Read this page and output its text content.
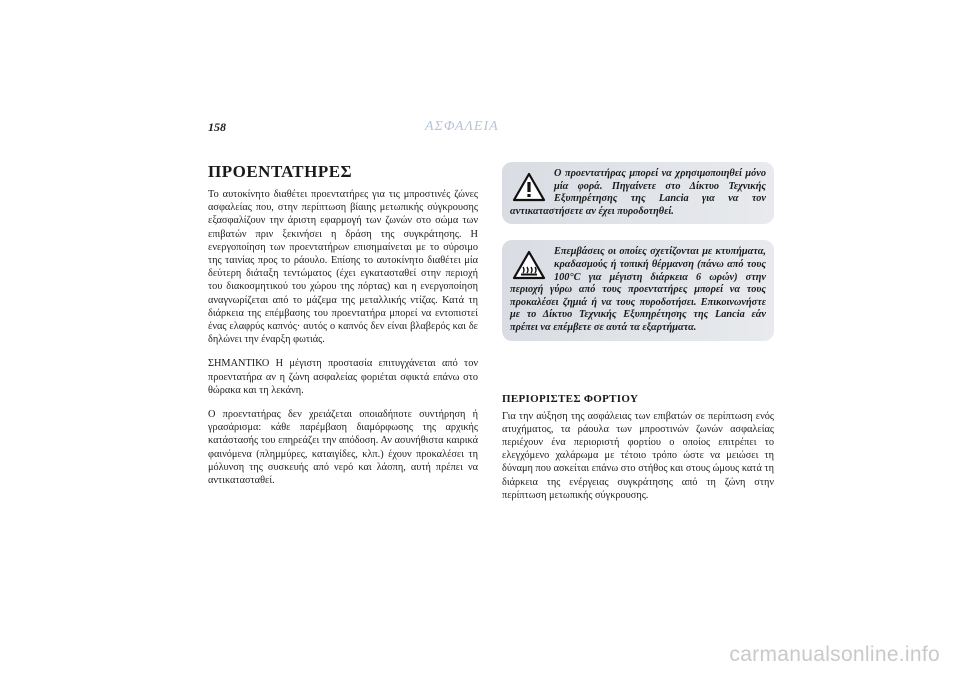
158	ΑΣΦΑΛΕΙΑ
ΠΡΟΕΝΤΑΤΗΡΕΣ

Το αυτοκίνητο διαθέτει προεντατήρες για τις μπροστινές ζώνες ασφαλείας που, στην περίπτωση βίαιης μετωπικής σύγκρουσης εξασφαλίζουν την άριστη εφαρμογή των ζωνών στο σώμα των επιβατών πριν ξεκινήσει η δράση της συγκράτησης. Η ενεργοποίηση των προεντατήρων επισημαίνεται με το σύρσιμο της ταινίας προς το ράουλο. Επίσης το αυτοκίνητο διαθέτει μία δεύτερη διάταξη τεντώματος (έχει εγκατασταθεί στην περιοχή του διακοσμητικού του χώρου της πόρτας) και η ενεργοποίηση αναγνωρίζεται από το μάζεμα της μεταλλικής ντίζας. Κατά τη διάρκεια της επέμβασης του προεντατήρα μπορεί να εντοπιστεί ένας ελαφρύς καπνός· αυτός ο καπνός δεν είναι βλαβερός και δε δηλώνει την έναρξη φωτιάς.

ΣΗΜΑΝΤΙΚΟ Η μέγιστη προστασία επιτυγχάνεται από τον προεντατήρα αν η ζώνη ασφαλείας φοριέται σφικτά επάνω στο θώρακα και τη λεκάνη.

Ο προεντατήρας δεν χρειάζεται οποιαδήποτε συντήρηση ή γρασάρισμα: κάθε παρέμβαση διαμόρφωσης της αρχικής κατάστασής του επηρεάζει την απόδοση. Αν ασυνήθιστα καιρικά φαινόμενα (πλημμύρες, καταιγίδες, κλπ.) έχουν προκαλέσει τη μόλυνση της συσκευής από νερό και λάσπη, αυτή πρέπει να αντικατασταθεί.

Ο προεντατήρας μπορεί να χρησιμοποιηθεί μόνο μία φορά. Πηγαίνετε στο Δίκτυο Τεχνικής Εξυπηρέτησης της Lancia για να τον αντικαταστήσετε αν έχει πυροδοτηθεί.
Επεμβάσεις οι οποίες σχετίζονται με κτυπήματα, κραδασμούς ή τοπική θέρμανση (πάνω από τους 100°C για μέγιστη διάρκεια 6 ωρών) στην περιοχή γύρω από τους προεντατήρες μπορεί να τους προκαλέσει ζημιά ή να τους πυροδοτήσει. Επικοινωνήστε με το Δίκτυο Τεχνικής Εξυπηρέτησης της Lancia εάν πρέπει να επέμβετε σε αυτά τα εξαρτήματα.
ΠΕΡΙΟΡΙΣΤΕΣ ΦΟΡΤΙΟΥ

Για την αύξηση της ασφάλειας των επιβατών σε περίπτωση ενός ατυχήματος, τα ράουλα των μπροστινών ζωνών ασφαλείας περιέχουν ένα περιοριστή φορτίου ο οποίος επιτρέπει το ελεγχόμενο χαλάρωμα με τέτοιο τρόπο ώστε να μειώσει τη δύναμη που ασκείται επάνω στο στήθος και στους ώμους κατά τη διάρκεια της ενέργειας συγκράτησης από τη ζώνη στην περίπτωση μετωπικής σύγκρουσης.

carmanualsonline.info
